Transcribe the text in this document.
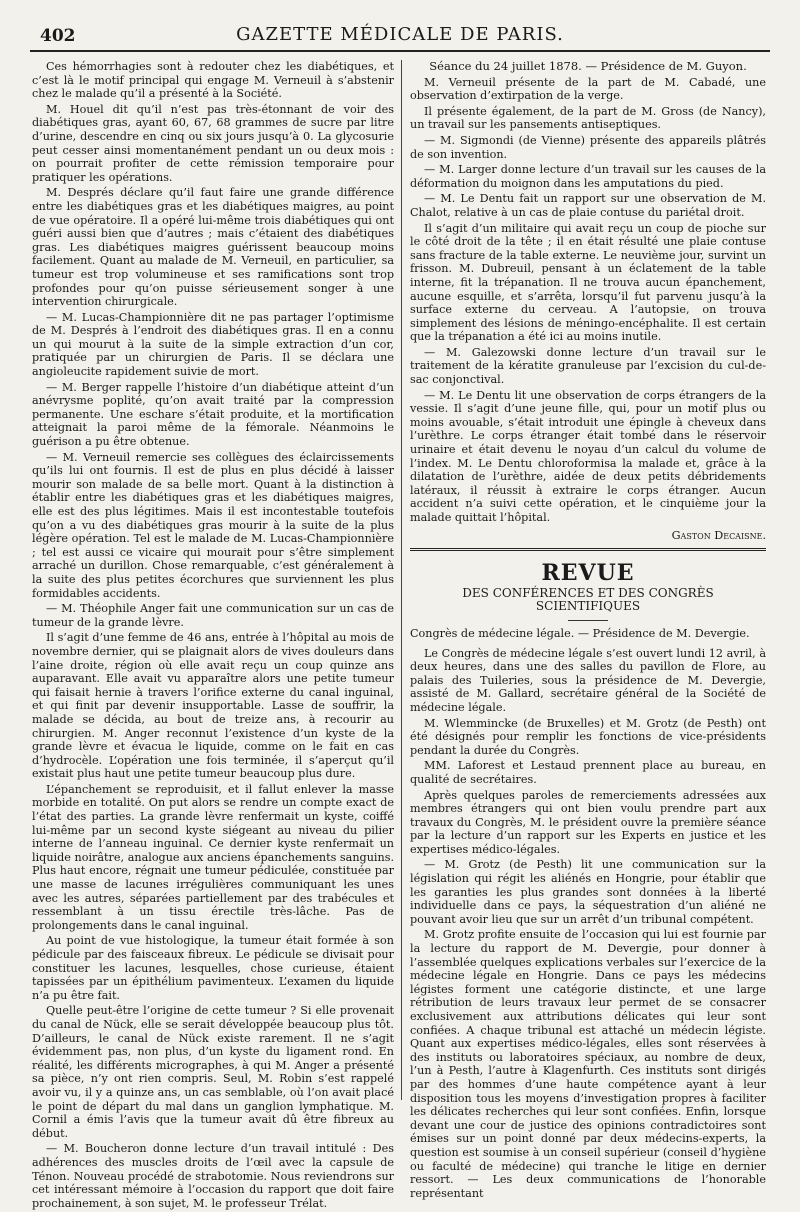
402	GAZETTE MÉDICALE DE PARIS.

Ces hémorrhagies sont à redouter chez les diabétiques, et c’est là le motif principal qui engage M. Verneuil à s’abstenir chez le malade qu’il a présenté à la Société.

M. Houel dit qu’il n’est pas très-étonnant de voir des diabétiques gras, ayant 60, 67, 68 grammes de sucre par litre d’urine, descendre en cinq ou six jours jusqu’à 0. La glycosurie peut cesser ainsi momentanément pendant un ou deux mois : on pourrait profiter de cette rémission temporaire pour pratiquer les opérations.

M. Després déclare qu’il faut faire une grande différence entre les diabétiques gras et les diabétiques maigres, au point de vue opératoire. Il a opéré lui-même trois diabétiques qui ont guéri aussi bien que d’autres ; mais c’étaient des diabétiques gras. Les diabétiques maigres guérissent beaucoup moins facilement. Quant au malade de M. Verneuil, en particulier, sa tumeur est trop volumineuse et ses ramifications sont trop profondes pour qu’on puisse sérieusement songer à une intervention chirurgicale.

— M. Lucas-Championnière dit ne pas partager l’optimisme de M. Després à l’endroit des diabétiques gras. Il en a connu un qui mourut à la suite de la simple extraction d’un cor, pratiquée par un chirurgien de Paris. Il se déclara une angioleucite rapidement suivie de mort.

— M. Berger rappelle l’histoire d’un diabétique atteint d’un anévrysme poplité, qu’on avait traité par la compression permanente. Une eschare s’était produite, et la mortification atteignait la paroi même de la fémorale. Néanmoins le guérison a pu être obtenue.

— M. Verneuil remercie ses collègues des éclaircissements qu’ils lui ont fournis. Il est de plus en plus décidé à laisser mourir son malade de sa belle mort. Quant à la distinction à établir entre les diabétiques gras et les diabétiques maigres, elle est des plus légitimes. Mais il est incontestable toutefois qu’on a vu des diabétiques gras mourir à la suite de la plus légère opération. Tel est le malade de M. Lucas-Championnière ; tel est aussi ce vicaire qui mourait pour s’être simplement arraché un durillon. Chose remarquable, c’est généralement à la suite des plus petites écorchures que surviennent les plus formidables accidents.

— M. Théophile Anger fait une communication sur un cas de tumeur de la grande lèvre.

Il s’agit d’une femme de 46 ans, entrée à l’hôpital au mois de novembre dernier, qui se plaignait alors de vives douleurs dans l’aine droite, région où elle avait reçu un coup quinze ans auparavant. Elle avait vu apparaître alors une petite tumeur qui faisait hernie à travers l’orifice externe du canal inguinal, et qui finit par devenir insupportable. Lasse de souffrir, la malade se décida, au bout de treize ans, à recourir au chirurgien. M. Anger reconnut l’existence d’un kyste de la grande lèvre et évacua le liquide, comme on le fait en cas d’hydrocèle. L’opération une fois terminée, il s’aperçut qu’il existait plus haut une petite tumeur beaucoup plus dure.

L’épanchement se reproduisit, et il fallut enlever la masse morbide en totalité. On put alors se rendre un compte exact de l’état des parties. La grande lèvre renfermait un kyste, coiffé lui-même par un second kyste siégeant au niveau du pilier interne de l’anneau inguinal. Ce dernier kyste renfermait un liquide noirâtre, analogue aux anciens épanchements sanguins. Plus haut encore, régnait une tumeur pédiculée, constituée par une masse de lacunes irrégulières communiquant les unes avec les autres, séparées partiellement par des trabécules et ressemblant à un tissu érectile très-lâche. Pas de prolongements dans le canal inguinal.

Au point de vue histologique, la tumeur était formée à son pédicule par des faisceaux fibreux. Le pédicule se divisait pour constituer les lacunes, lesquelles, chose curieuse, étaient tapissées par un épithélium pavimenteux. L’examen du liquide n’a pu être fait.

Quelle peut-être l’origine de cette tumeur ? Si elle provenait du canal de Nück, elle se serait développée beaucoup plus tôt. D’ailleurs, le canal de Nück existe rarement. Il ne s’agit évidemment pas, non plus, d’un kyste du ligament rond. En réalité, les différents micrographes, à qui M. Anger a présenté sa pièce, n’y ont rien compris. Seul, M. Robin s’est rappelé avoir vu, il y a quinze ans, un cas semblable, où l’on avait placé le point de départ du mal dans un ganglion lymphatique. M. Cornil a émis l’avis que la tumeur avait dû être fibreux au début.

— M. Boucheron donne lecture d’un travail intitulé : Des adhérences des muscles droits de l’œil avec la capsule de Ténon. Nouveau procédé de strabotomie. Nous reviendrons sur cet intéressant mémoire à l’occasion du rapport que doit faire prochainement, à son sujet, M. le professeur Trélat.

Séance du 24 juillet 1878. — Présidence de M. Guyon.

M. Verneuil présente de la part de M. Cabadé, une observation d’extirpation de la verge.

Il présente également, de la part de M. Gross (de Nancy), un travail sur les pansements antiseptiques.

— M. Sigmondi (de Vienne) présente des appareils plâtrés de son invention.

— M. Larger donne lecture d’un travail sur les causes de la déformation du moignon dans les amputations du pied.

— M. Le Dentu fait un rapport sur une observation de M. Chalot, relative à un cas de plaie contuse du pariétal droit.

Il s’agit d’un militaire qui avait reçu un coup de pioche sur le côté droit de la tête ; il en était résulté une plaie contuse sans fracture de la table externe. Le neuvième jour, survint un frisson. M. Dubreuil, pensant à un éclatement de la table interne, fit la trépanation. Il ne trouva aucun épanchement, aucune esquille, et s’arrêta, lorsqu’il fut parvenu jusqu’à la surface externe du cerveau. A l’autopsie, on trouva simplement des lésions de méningo-encéphalite. Il est certain que la trépanation a été ici au moins inutile.

— M. Galezowski donne lecture d’un travail sur le traitement de la kératite granuleuse par l’excision du cul-de-sac conjonctival.

— M. Le Dentu lit une observation de corps étrangers de la vessie. Il s’agit d’une jeune fille, qui, pour un motif plus ou moins avouable, s’était introduit une épingle à cheveux dans l’urèthre. Le corps étranger était tombé dans le réservoir urinaire et était devenu le noyau d’un calcul du volume de l’index. M. Le Dentu chloroformisa la malade et, grâce à la dilatation de l’urèthre, aidée de deux petits débridements latéraux, il réussit à extraire le corps étranger. Aucun accident n’a suivi cette opération, et le cinquième jour la malade quittait l’hôpital.

Gaston Decaisne.

REVUE
DES CONFÉRENCES ET DES CONGRÈS SCIENTIFIQUES

Congrès de médecine légale. — Présidence de M. Devergie.

Le Congrès de médecine légale s’est ouvert lundi 12 avril, à deux heures, dans une des salles du pavillon de Flore, au palais des Tuileries, sous la présidence de M. Devergie, assisté de M. Gallard, secrétaire général de la Société de médecine légale.

M. Wlemmincke (de Bruxelles) et M. Grotz (de Pesth) ont été désignés pour remplir les fonctions de vice-présidents pendant la durée du Congrès.

MM. Laforest et Lestaud prennent place au bureau, en qualité de secrétaires.

Après quelques paroles de remerciements adressées aux membres étrangers qui ont bien voulu prendre part aux travaux du Congrès, M. le président ouvre la première séance par la lecture d’un rapport sur les Experts en justice et les expertises médico-légales.

— M. Grotz (de Pesth) lit une communication sur la législation qui régit les aliénés en Hongrie, pour établir que les garanties les plus grandes sont données à la liberté individuelle dans ce pays, la séquestration d’un aliéné ne pouvant avoir lieu que sur un arrêt d’un tribunal compétent.

M. Grotz profite ensuite de l’occasion qui lui est fournie par la lecture du rapport de M. Devergie, pour donner à l’assemblée quelques explications verbales sur l’exercice de la médecine légale en Hongrie. Dans ce pays les médecins légistes forment une catégorie distincte, et une large rétribution de leurs travaux leur permet de se consacrer exclusivement aux attributions délicates qui leur sont confiées. A chaque tribunal est attaché un médecin légiste. Quant aux expertises médico-légales, elles sont réservées à des instituts ou laboratoires spéciaux, au nombre de deux, l’un à Pesth, l’autre à Klagenfurth. Ces instituts sont dirigés par des hommes d’une haute compétence ayant à leur disposition tous les moyens d’investigation propres à faciliter les délicates recherches qui leur sont confiées. Enfin, lorsque devant une cour de justice des opinions contradictoires sont émises sur un point donné par deux médecins-experts, la question est soumise à un conseil supérieur (conseil d’hygiène ou faculté de médecine) qui tranche le litige en dernier ressort. — Les deux communications de l’honorable représentant
